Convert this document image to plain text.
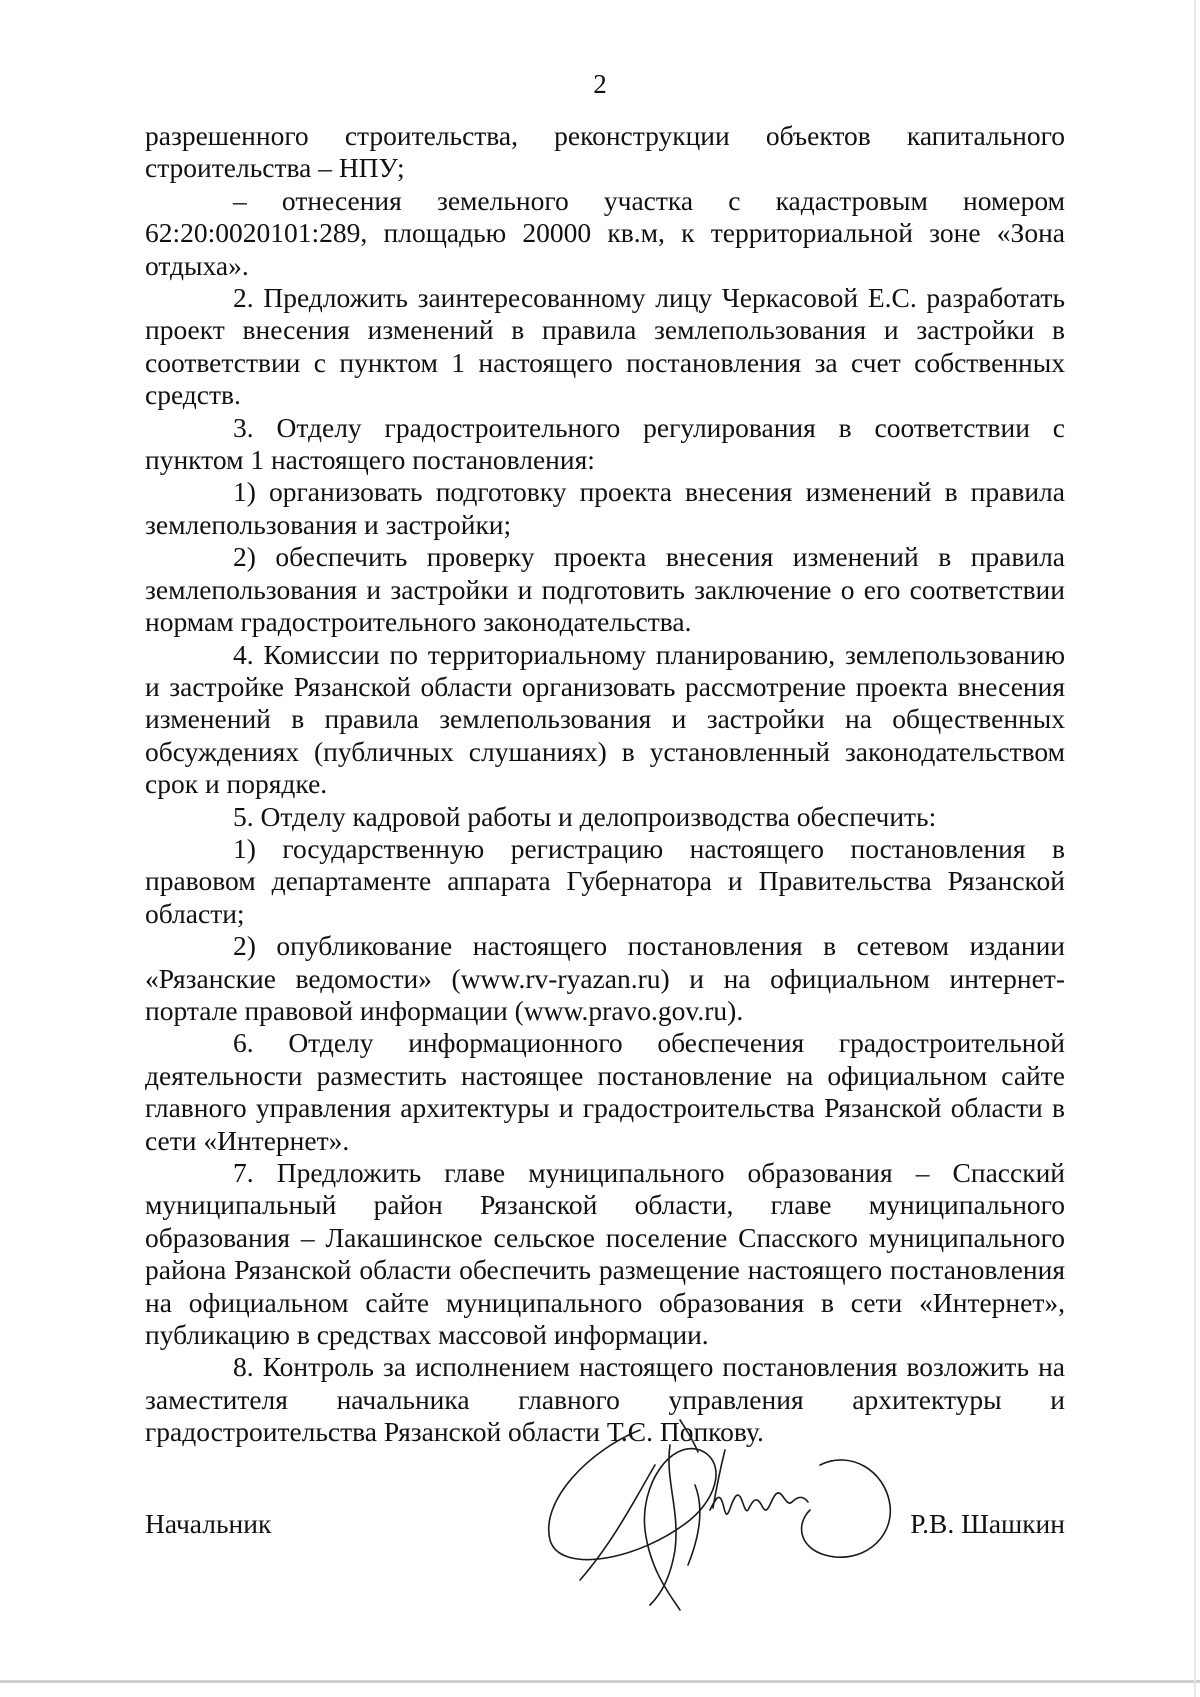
2

разрешенного строительства, реконструкции объектов капитального строительства – НПУ;

– отнесения земельного участка с кадастровым номером 62:20:0020101:289, площадью 20000 кв.м, к территориальной зоне «Зона отдыха».

2. Предложить заинтересованному лицу Черкасовой Е.С. разработать проект внесения изменений в правила землепользования и застройки в соответствии с пунктом 1 настоящего постановления за счет собственных средств.

3. Отделу градостроительного регулирования в соответствии с пунктом 1 настоящего постановления:

1) организовать подготовку проекта внесения изменений в правила землепользования и застройки;

2) обеспечить проверку проекта внесения изменений в правила землепользования и застройки и подготовить заключение о его соответствии нормам градостроительного законодательства.

4. Комиссии по территориальному планированию, землепользованию и застройке Рязанской области организовать рассмотрение проекта внесения изменений в правила землепользования и застройки на общественных обсуждениях (публичных слушаниях) в установленный законодательством срок и порядке.

5. Отделу кадровой работы и делопроизводства обеспечить:

1) государственную регистрацию настоящего постановления в правовом департаменте аппарата Губернатора и Правительства Рязанской области;

2) опубликование настоящего постановления в сетевом издании «Рязанские ведомости» (www.rv-ryazan.ru) и на официальном интернет-портале правовой информации (www.pravo.gov.ru).

6. Отделу информационного обеспечения градостроительной деятельности разместить настоящее постановление на официальном сайте главного управления архитектуры и градостроительства Рязанской области в сети «Интернет».

7. Предложить главе муниципального образования – Спасский муниципальный район Рязанской области, главе муниципального образования – Лакашинское сельское поселение Спасского муниципального района Рязанской области обеспечить размещение настоящего постановления на официальном сайте муниципального образования в сети «Интернет», публикацию в средствах массовой информации.

8. Контроль за исполнением настоящего постановления возложить на заместителя начальника главного управления архитектуры и градостроительства Рязанской области Т.С. Попкову.

Начальник	Р.В. Шашкин
